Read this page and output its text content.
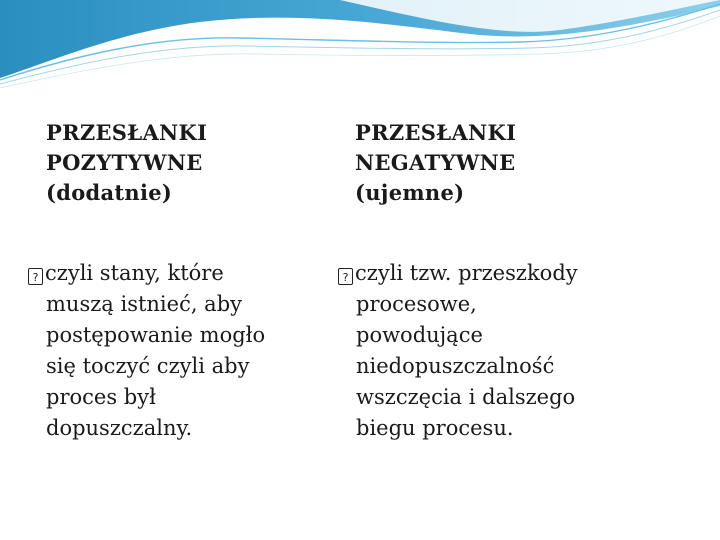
PRZESŁANKI
POZYTYWNE
(dodatnie)

PRZESŁANKI
NEGATYWNE
(ujemne)

? czyli stany, które
muszą istnieć, aby
postępowanie mogło
się toczyć czyli aby
proces był
dopuszczalny.

? czyli tzw. przeszkody
procesowe,
powodujące
niedopuszczalność
wszczęcia i dalszego
biegu procesu.
